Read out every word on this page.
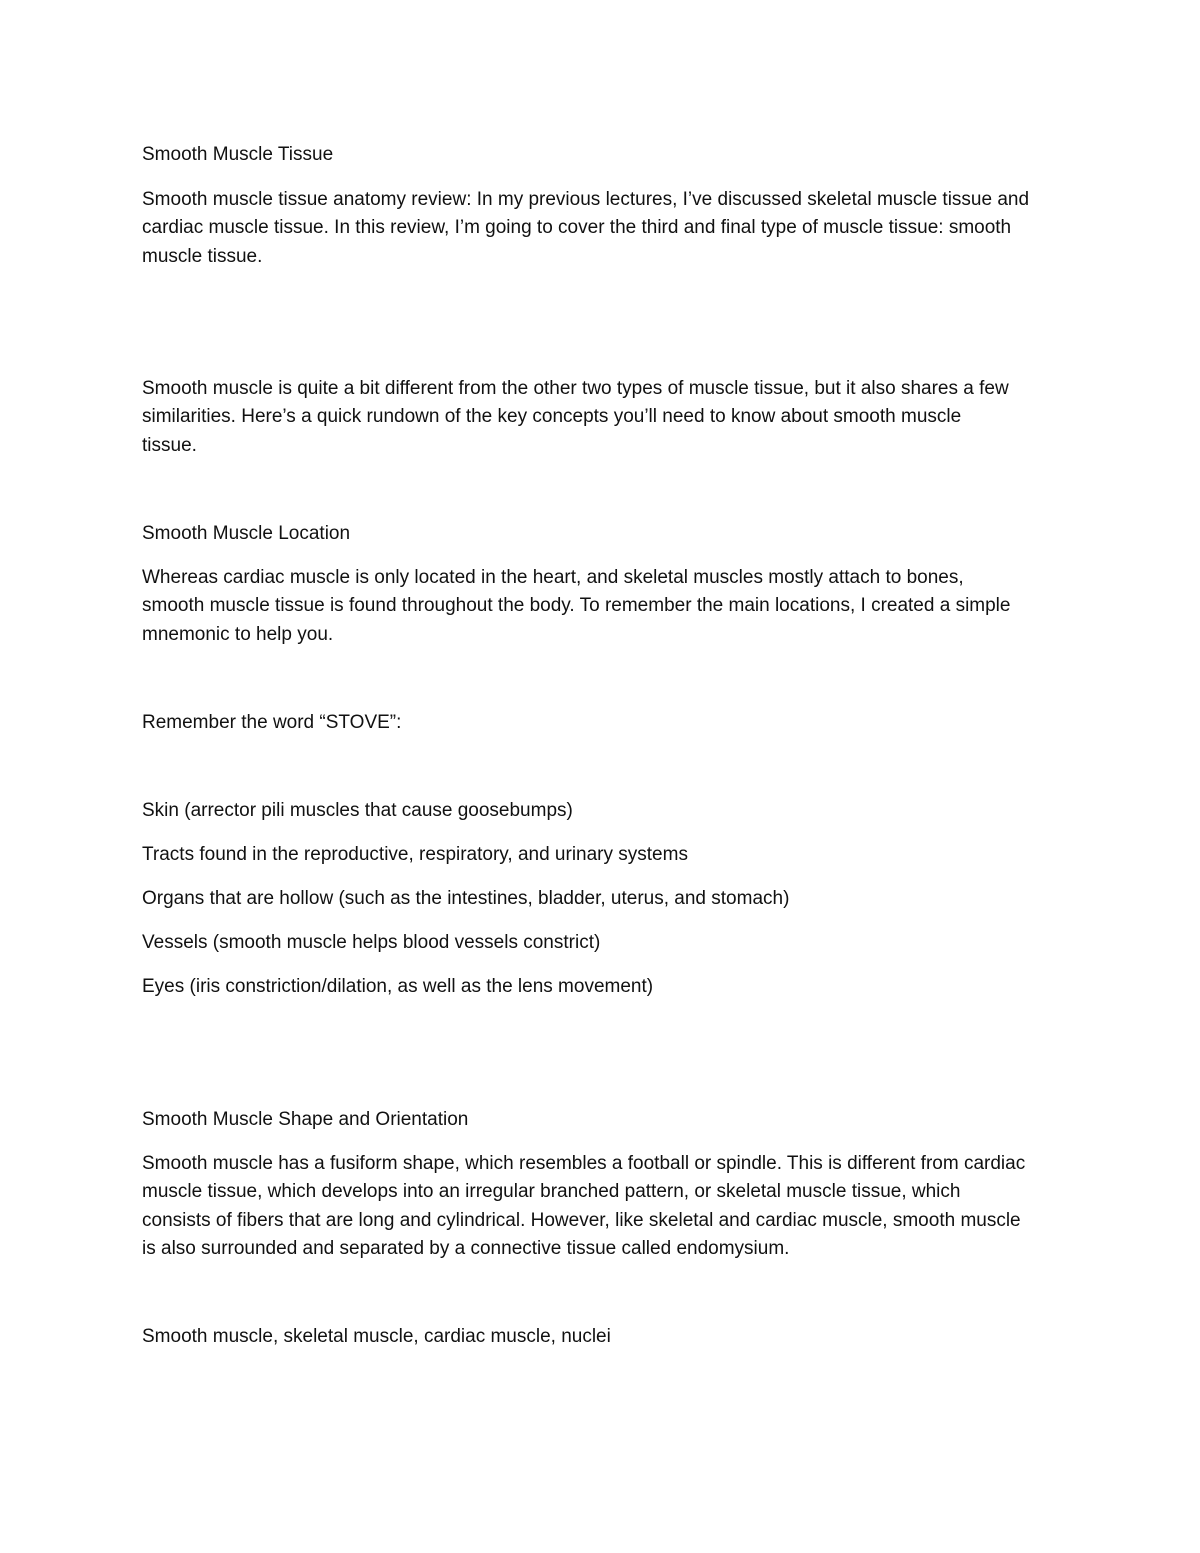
Smooth Muscle Tissue

Smooth muscle tissue anatomy review: In my previous lectures, I’ve discussed skeletal muscle tissue and

cardiac muscle tissue. In this review, I’m going to cover the third and final type of muscle tissue: smooth

muscle tissue.

Smooth muscle is quite a bit different from the other two types of muscle tissue, but it also shares a few

similarities. Here’s a quick rundown of the key concepts you’ll need to know about smooth muscle

tissue.

Smooth Muscle Location

Whereas cardiac muscle is only located in the heart, and skeletal muscles mostly attach to bones,

smooth muscle tissue is found throughout the body. To remember the main locations, I created a simple

mnemonic to help you.

Remember the word “STOVE”:

Skin (arrector pili muscles that cause goosebumps)

Tracts found in the reproductive, respiratory, and urinary systems

Organs that are hollow (such as the intestines, bladder, uterus, and stomach)

Vessels (smooth muscle helps blood vessels constrict)

Eyes (iris constriction/dilation, as well as the lens movement)

Smooth Muscle Shape and Orientation

Smooth muscle has a fusiform shape, which resembles a football or spindle. This is different from cardiac

muscle tissue, which develops into an irregular branched pattern, or skeletal muscle tissue, which

consists of fibers that are long and cylindrical. However, like skeletal and cardiac muscle, smooth muscle

is also surrounded and separated by a connective tissue called endomysium.

Smooth muscle, skeletal muscle, cardiac muscle, nuclei
